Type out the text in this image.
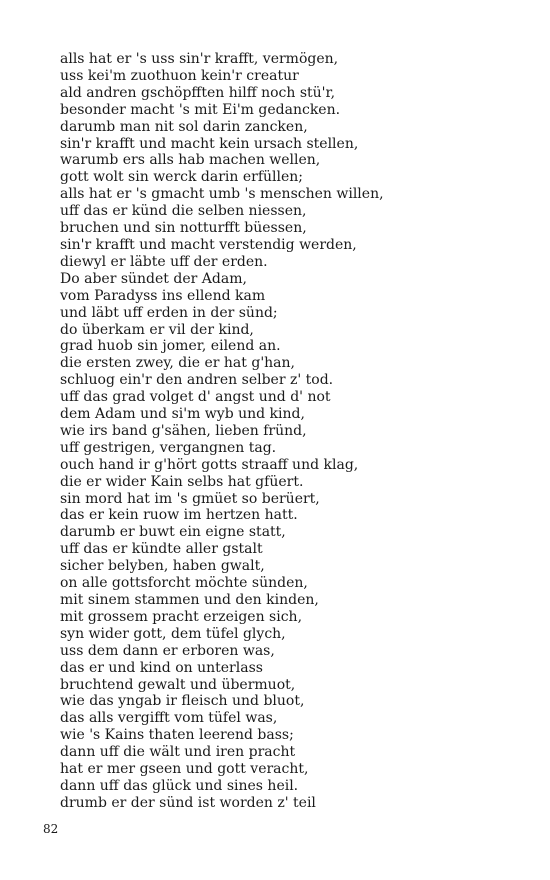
alls hat er 's uss sin'r krafft, vermögen,
uss kei'm zuothuon kein'r creatur
ald andren gschöpfften hilff noch stü'r,
besonder macht 's mit Ei'm gedancken.
darumb man nit sol darin zancken,
sin'r krafft und macht kein ursach stellen,
warumb ers alls hab machen wellen,
gott wolt sin werck darin erfüllen;
alls hat er 's gmacht umb 's menschen willen,
uff das er künd die selben niessen,
bruchen und sin notturfft büessen,
sin'r krafft und macht verstendig werden,
diewyl er läbte uff der erden.
Do aber sündet der Adam,
vom Paradyss ins ellend kam
und läbt uff erden in der sünd;
do überkam er vil der kind,
grad huob sin jomer, eilend an.
die ersten zwey, die er hat g'han,
schluog ein'r den andren selber z' tod.
uff das grad volget d' angst und d' not
dem Adam und si'm wyb und kind,
wie irs band g'sähen, lieben fründ,
uff gestrigen, vergangnen tag.
ouch hand ir g'hört gotts straaff und klag,
die er wider Kain selbs hat gfüert.
sin mord hat im 's gmüet so berüert,
das er kein ruow im hertzen hatt.
darumb er buwt ein eigne statt,
uff das er kündte aller gstalt
sicher belyben, haben gwalt,
on alle gottsforcht möchte sünden,
mit sinem stammen und den kinden,
mit grossem pracht erzeigen sich,
syn wider gott, dem tüfel glych,
uss dem dann er erboren was,
das er und kind on unterlass
bruchtend gewalt und übermuot,
wie das yngab ir fleisch und bluot,
das alls vergifft vom tüfel was,
wie 's Kains thaten leerend bass;
dann uff die wält und iren pracht
hat er mer gseen und gott veracht,
dann uff das glück und sines heil.
drumb er der sünd ist worden z' teil
82
